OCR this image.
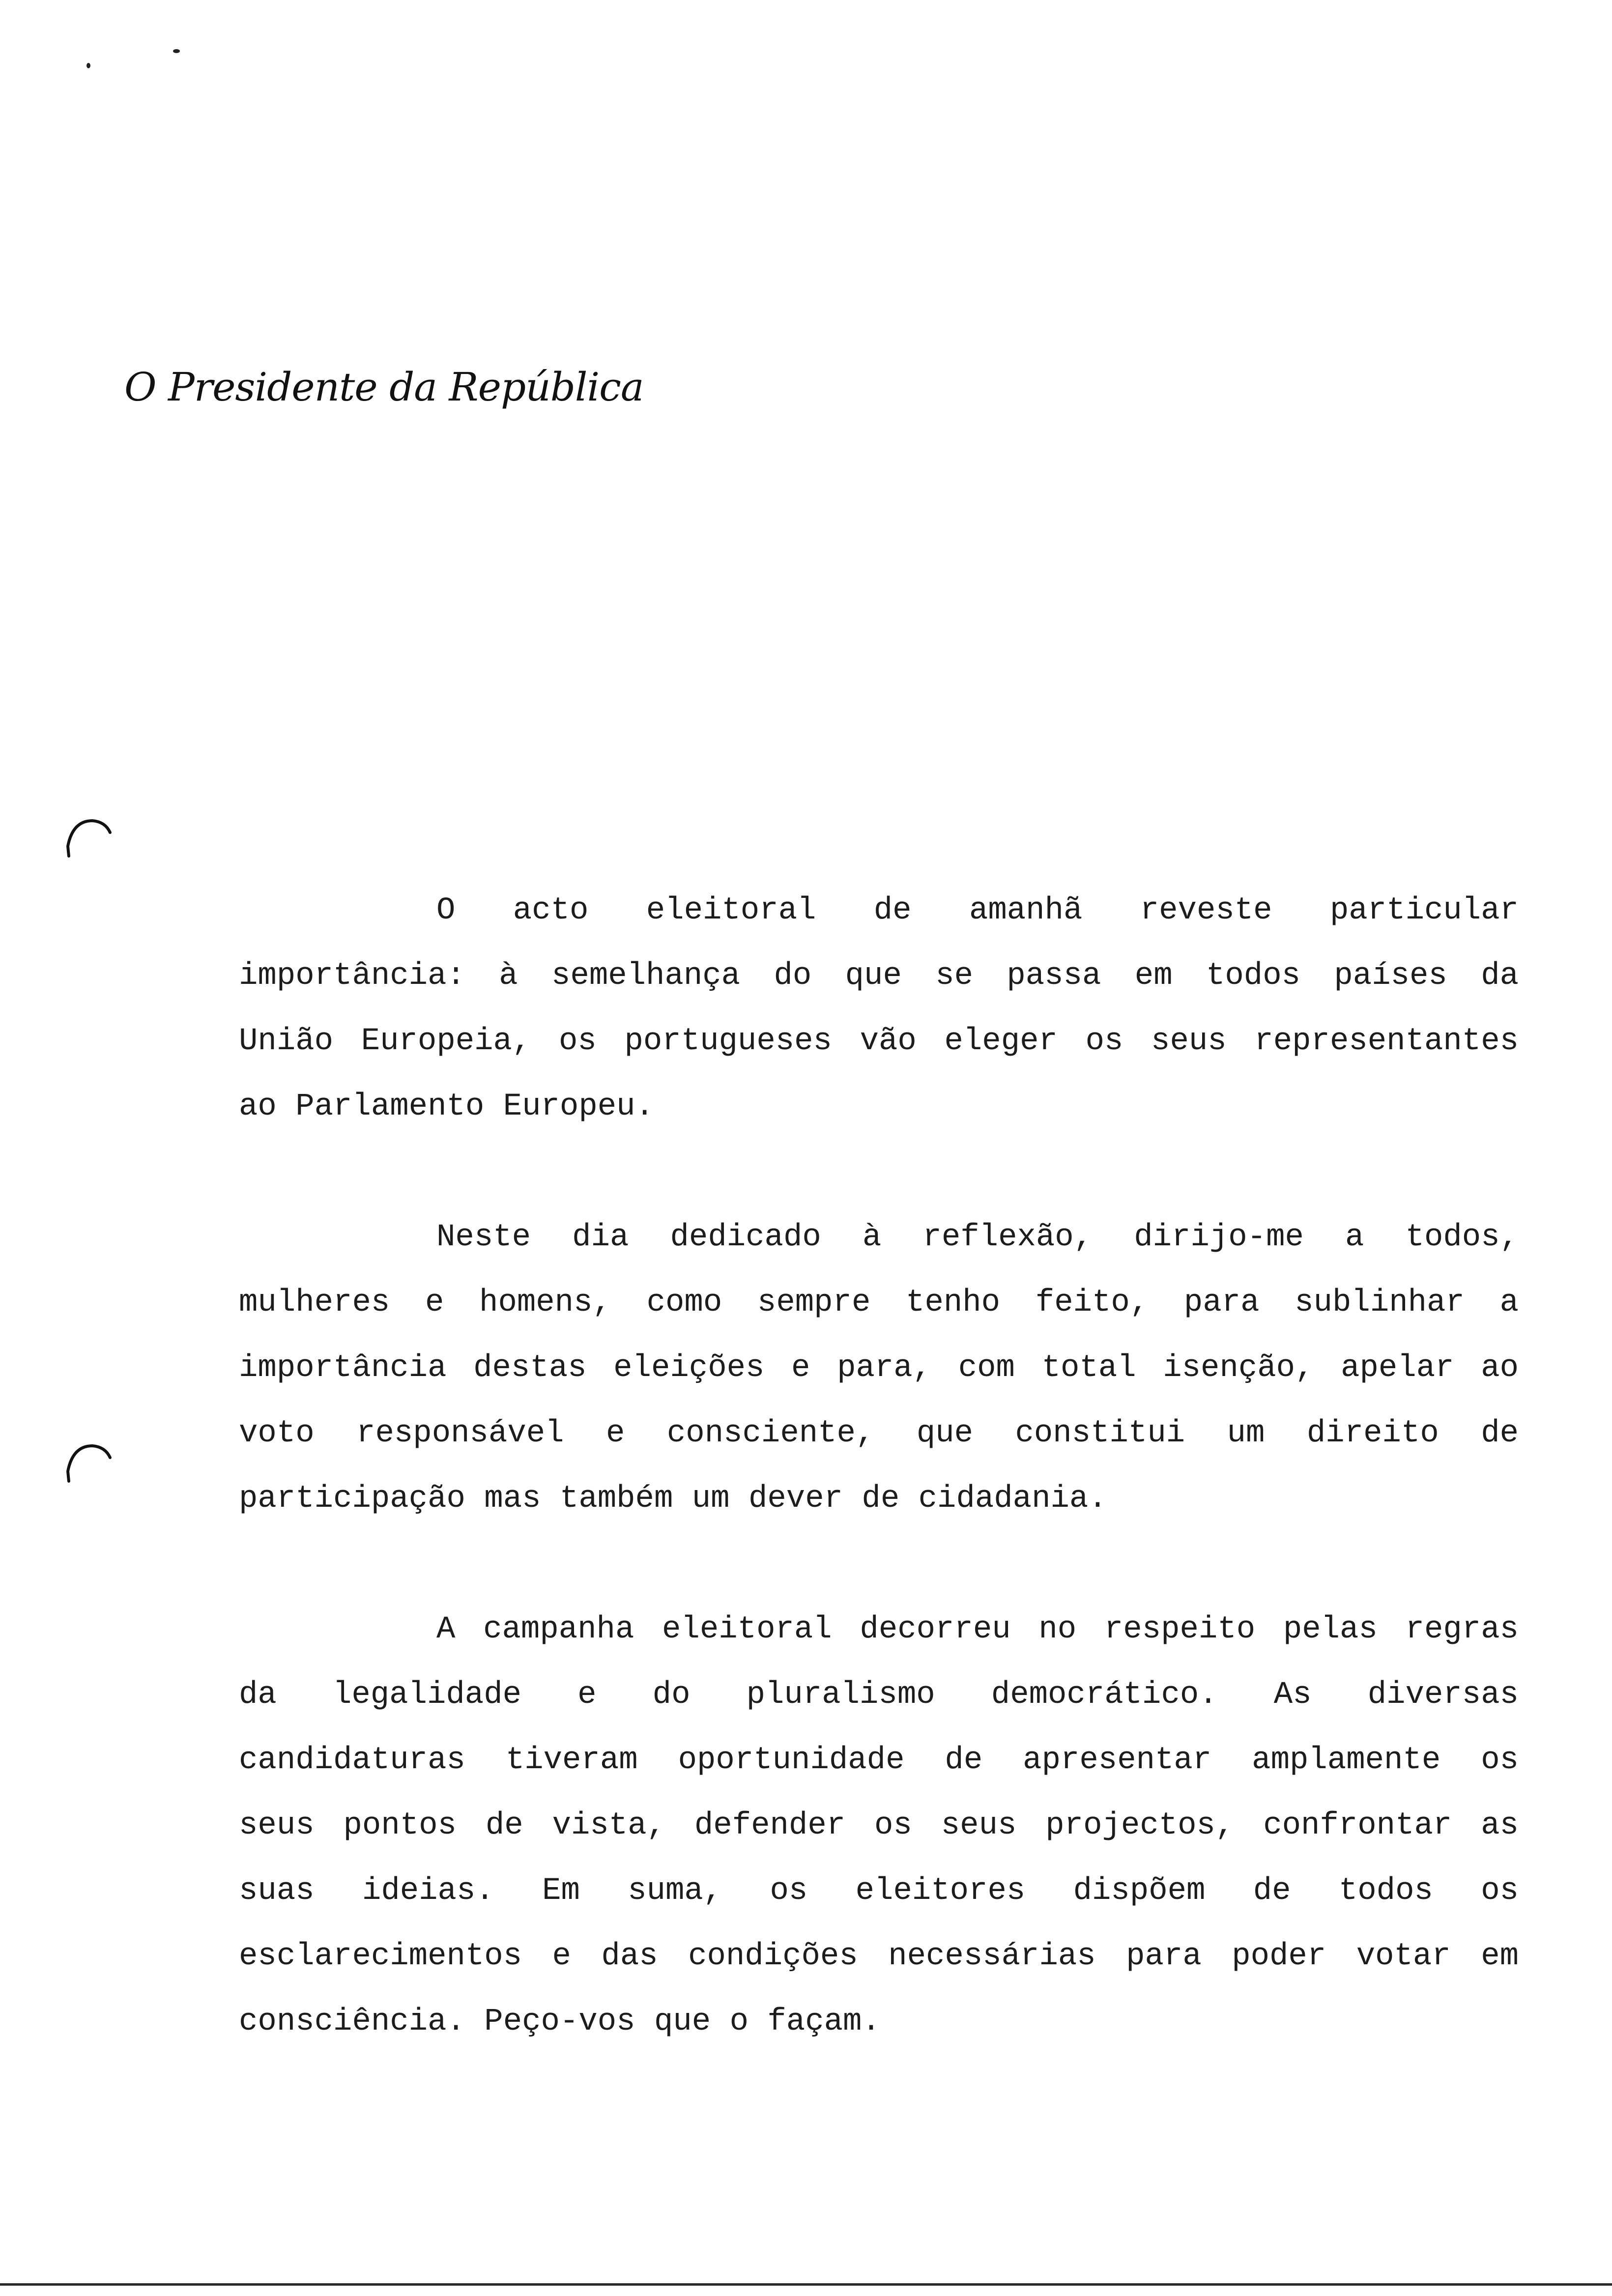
O Presidente da República
O acto eleitoral de amanhã reveste particular
importância: à semelhança do que se passa em todos países da
União Europeia, os portugueses vão eleger os seus representantes
ao Parlamento Europeu.
Neste dia dedicado à reflexão, dirijo-me a todos,
mulheres e homens, como sempre tenho feito, para sublinhar a
importância destas eleições e para, com total isenção, apelar ao
voto responsável e consciente, que constitui um direito de
participação mas também um dever de cidadania.
A campanha eleitoral decorreu no respeito pelas regras
da legalidade e do pluralismo democrático. As diversas
candidaturas tiveram oportunidade de apresentar amplamente os
seus pontos de vista, defender os seus projectos, confrontar as
suas ideias. Em suma, os eleitores dispõem de todos os
esclarecimentos e das condições necessárias para poder votar em
consciência. Peço-vos que o façam.
